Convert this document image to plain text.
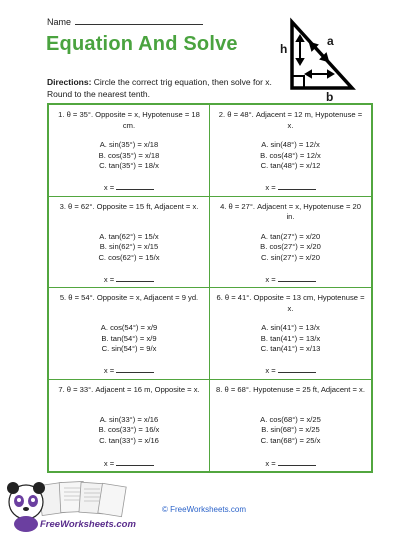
Name
Equation And Solve
Directions: Circle the correct trig equation, then solve for x. Round to the nearest tenth.
h
a
b
1. θ = 35°. Opposite = x, Hypotenuse = 18 cm.
A. sin(35°) = x/18
B. cos(35°) = x/18
C. tan(35°) = 18/x
x =
2. θ = 48°. Adjacent = 12 m, Hypotenuse = x.
A. sin(48°) = 12/x
B. cos(48°) = 12/x
C. tan(48°) = x/12
x =
3. θ = 62°. Opposite = 15 ft, Adjacent = x.
A. tan(62°) = 15/x
B. sin(62°) = x/15
C. cos(62°) = 15/x
x =
4. θ = 27°. Adjacent = x, Hypotenuse = 20 in.
A. tan(27°) = x/20
B. cos(27°) = x/20
C. sin(27°) = x/20
x =
5. θ = 54°. Opposite = x, Adjacent = 9 yd.
A. cos(54°) = x/9
B. tan(54°) = x/9
C. sin(54°) = 9/x
x =
6. θ = 41°. Opposite = 13 cm, Hypotenuse = x.
A. sin(41°) = 13/x
B. tan(41°) = 13/x
C. tan(41°) = x/13
x =
7. θ = 33°. Adjacent = 16 m, Opposite = x.
A. sin(33°) = x/16
B. cos(33°) = 16/x
C. tan(33°) = x/16
x =
8. θ = 68°. Hypotenuse = 25 ft, Adjacent = x.
A. cos(68°) = x/25
B. sin(68°) = x/25
C. tan(68°) = 25/x
x =
FreeWorksheets.com
© FreeWorksheets.com
